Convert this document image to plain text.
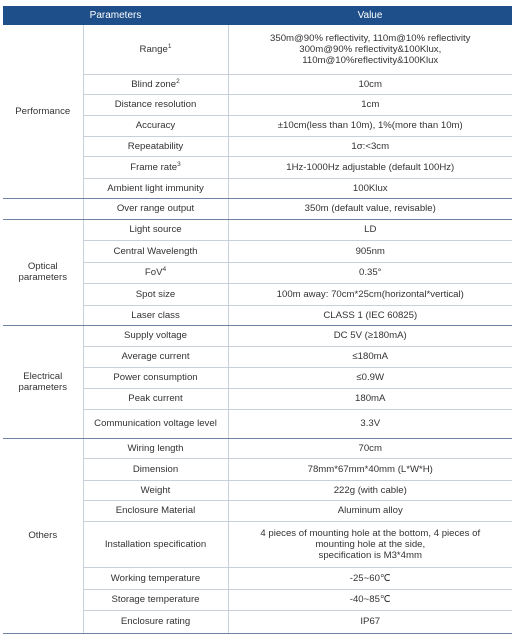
Parameters		Value
Performance	Range$^1$	350m@90% reflectivity, 110m@10% reflectivity
300m@90% reflectivity&100Klux,
110m@10%reflectivity&100Klux

	Blind zone$^2$	10cm

	Distance resolution	1cm

	Accuracy	±10cm(less than 10m), 1%(more than 10m)

	Repeatability	1σ:<3cm

	Frame rate$^3$	1Hz-1000Hz adjustable (default 100Hz)

	Ambient light immunity	100Klux

	Over range output	350m (default value, revisable)

Optical parameters	Light source	LD

	Central Wavelength	905nm

	FoV$^4$	0.35°

	Spot size	100m away: 70cm*25cm(horizontal*vertical)

	Laser class	CLASS 1 (IEC 60825)

Electrical parameters	Supply voltage	DC 5V (≥180mA)

	Average current	≤180mA

	Power consumption	≤0.9W

	Peak current	180mA

	Communication voltage level	3.3V

Others	Wiring length	70cm

	Dimension	78mm*67mm*40mm (L*W*H)

	Weight	222g (with cable)

	Enclosure Material	Aluminum alloy

	Installation specification	4 pieces of mounting hole at the bottom, 4 pieces of
mounting hole at the side,
specification is M3*4mm

	Working temperature	-25~60℃

	Storage temperature	-40~85℃

	Enclosure rating	IP67
